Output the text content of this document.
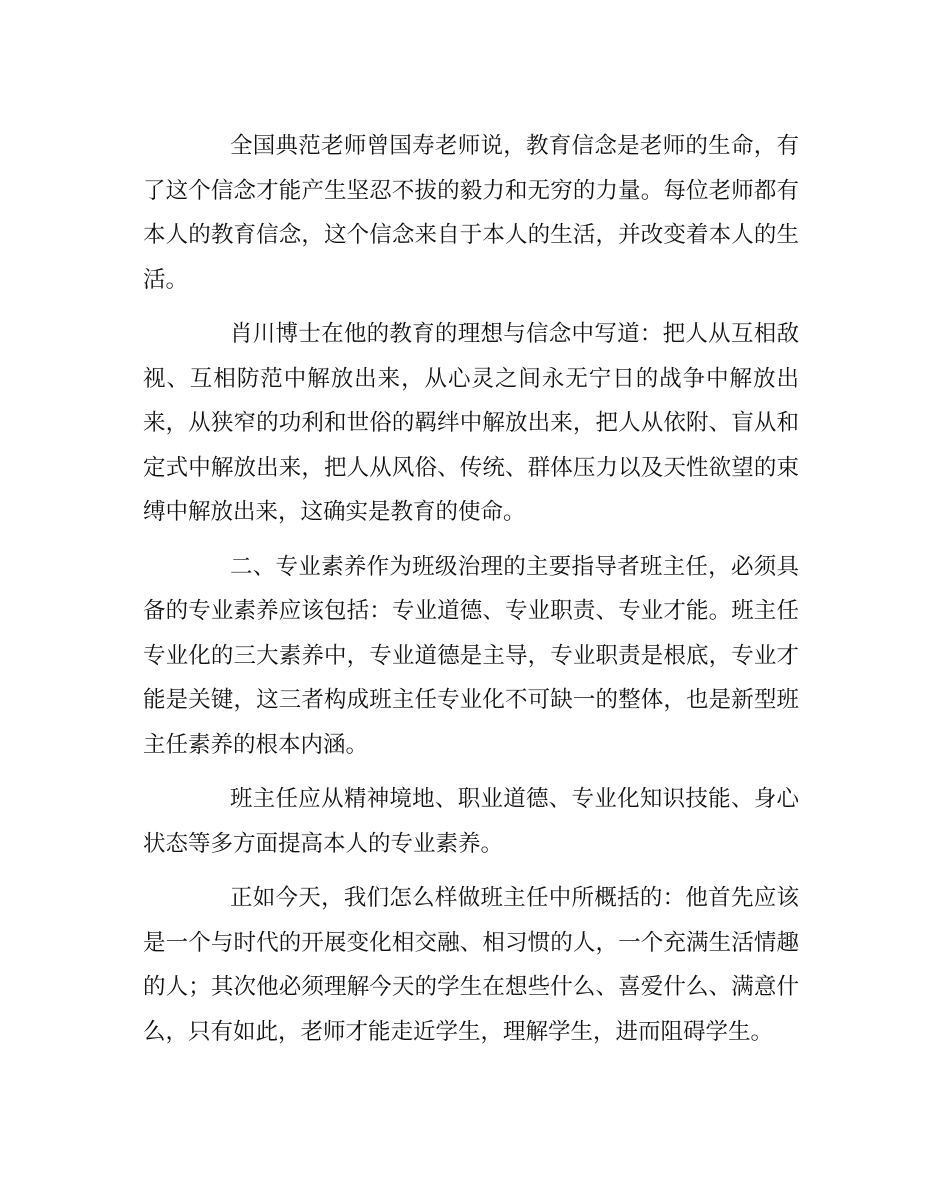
全国典范老师曾国寿老师说，教育信念是老师的生命，有了这个信念才能产生坚忍不拔的毅力和无穷的力量。每位老师都有本人的教育信念，这个信念来自于本人的生活，并改变着本人的生活。

肖川博士在他的教育的理想与信念中写道：把人从互相敌视、互相防范中解放出来，从心灵之间永无宁日的战争中解放出来，从狭窄的功利和世俗的羁绊中解放出来，把人从依附、盲从和定式中解放出来，把人从风俗、传统、群体压力以及天性欲望的束缚中解放出来，这确实是教育的使命。

二、专业素养作为班级治理的主要指导者班主任，必须具备的专业素养应该包括：专业道德、专业职责、专业才能。班主任专业化的三大素养中，专业道德是主导，专业职责是根底，专业才能是关键，这三者构成班主任专业化不可缺一的整体，也是新型班主任素养的根本内涵。

班主任应从精神境地、职业道德、专业化知识技能、身心状态等多方面提高本人的专业素养。

正如今天，我们怎么样做班主任中所概括的：他首先应该是一个与时代的开展变化相交融、相习惯的人，一个充满生活情趣的人；其次他必须理解今天的学生在想些什么、喜爱什么、满意什么，只有如此，老师才能走近学生，理解学生，进而阻碍学生。
